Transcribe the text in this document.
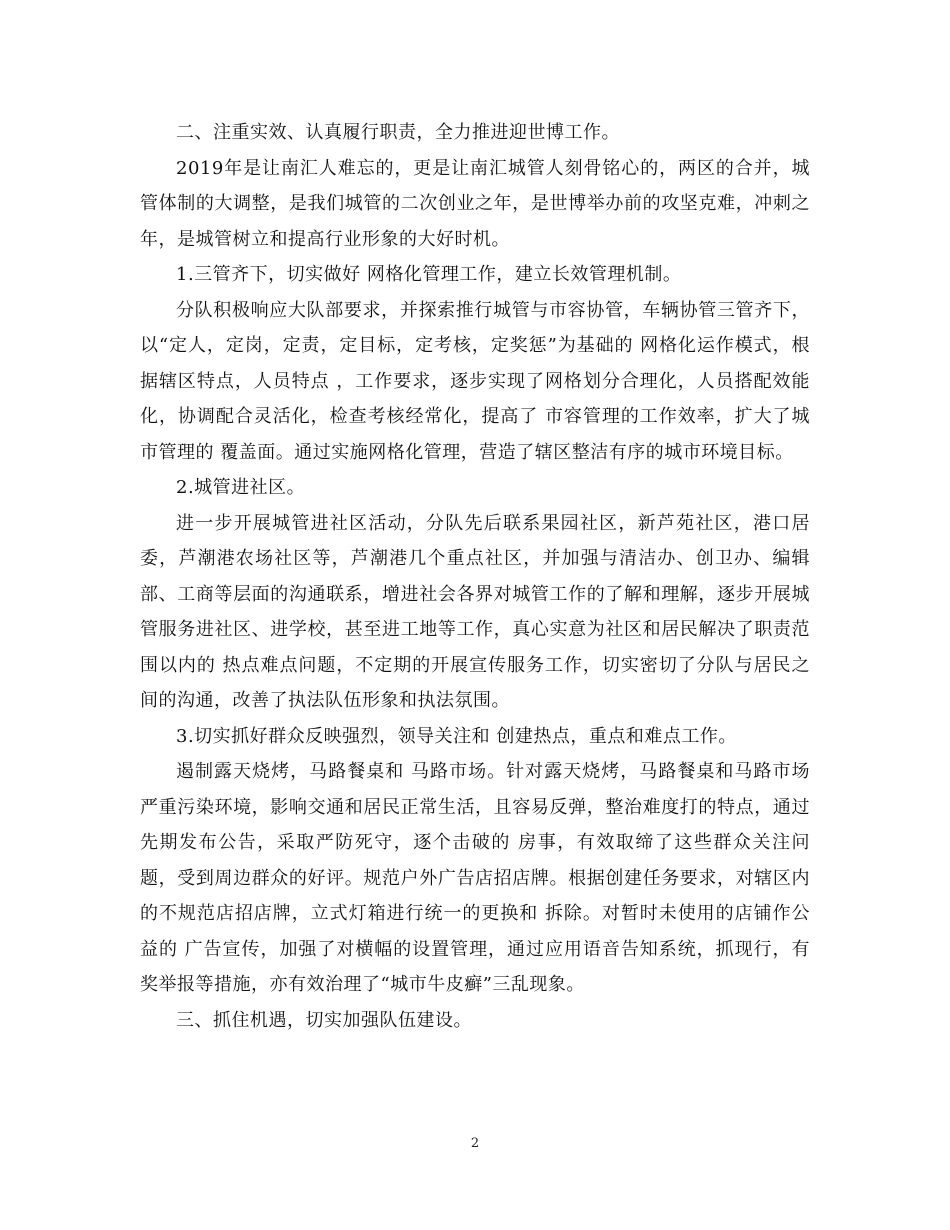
二、注重实效、认真履行职责，全力推进迎世博工作。

2019年是让南汇人难忘的，更是让南汇城管人刻骨铭心的，两区的合并，城管体制的大调整，是我们城管的二次创业之年，是世博举办前的攻坚克难，冲刺之年，是城管树立和提高行业形象的大好时机。

1.三管齐下，切实做好 网格化管理工作，建立长效管理机制。

分队积极响应大队部要求，并探索推行城管与市容协管，车辆协管三管齐下，以“定人，定岗，定责，定目标，定考核，定奖惩”为基础的 网格化运作模式，根据辖区特点，人员特点 ，工作要求，逐步实现了网格划分合理化，人员搭配效能化，协调配合灵活化，检查考核经常化，提高了 市容管理的工作效率，扩大了城市管理的 覆盖面。通过实施网格化管理，营造了辖区整洁有序的城市环境目标。

2.城管进社区。

进一步开展城管进社区活动，分队先后联系果园社区，新芦苑社区，港口居委，芦潮港农场社区等，芦潮港几个重点社区，并加强与清洁办、创卫办、编辑部、工商等层面的沟通联系，增进社会各界对城管工作的了解和理解，逐步开展城管服务进社区、进学校，甚至进工地等工作，真心实意为社区和居民解决了职责范围以内的 热点难点问题，不定期的开展宣传服务工作，切实密切了分队与居民之间的沟通，改善了执法队伍形象和执法氛围。

3.切实抓好群众反映强烈，领导关注和 创建热点，重点和难点工作。

遏制露天烧烤，马路餐桌和 马路市场。针对露天烧烤，马路餐桌和马路市场严重污染环境，影响交通和居民正常生活，且容易反弹，整治难度打的特点，通过先期发布公告，采取严防死守，逐个击破的 房事，有效取缔了这些群众关注问题，受到周边群众的好评。规范户外广告店招店牌。根据创建任务要求，对辖区内的不规范店招店牌，立式灯箱进行统一的更换和 拆除。对暂时未使用的店铺作公益的 广告宣传，加强了对横幅的设置管理，通过应用语音告知系统，抓现行，有奖举报等措施，亦有效治理了“城市牛皮癣”三乱现象。

三、抓住机遇，切实加强队伍建设。

2
